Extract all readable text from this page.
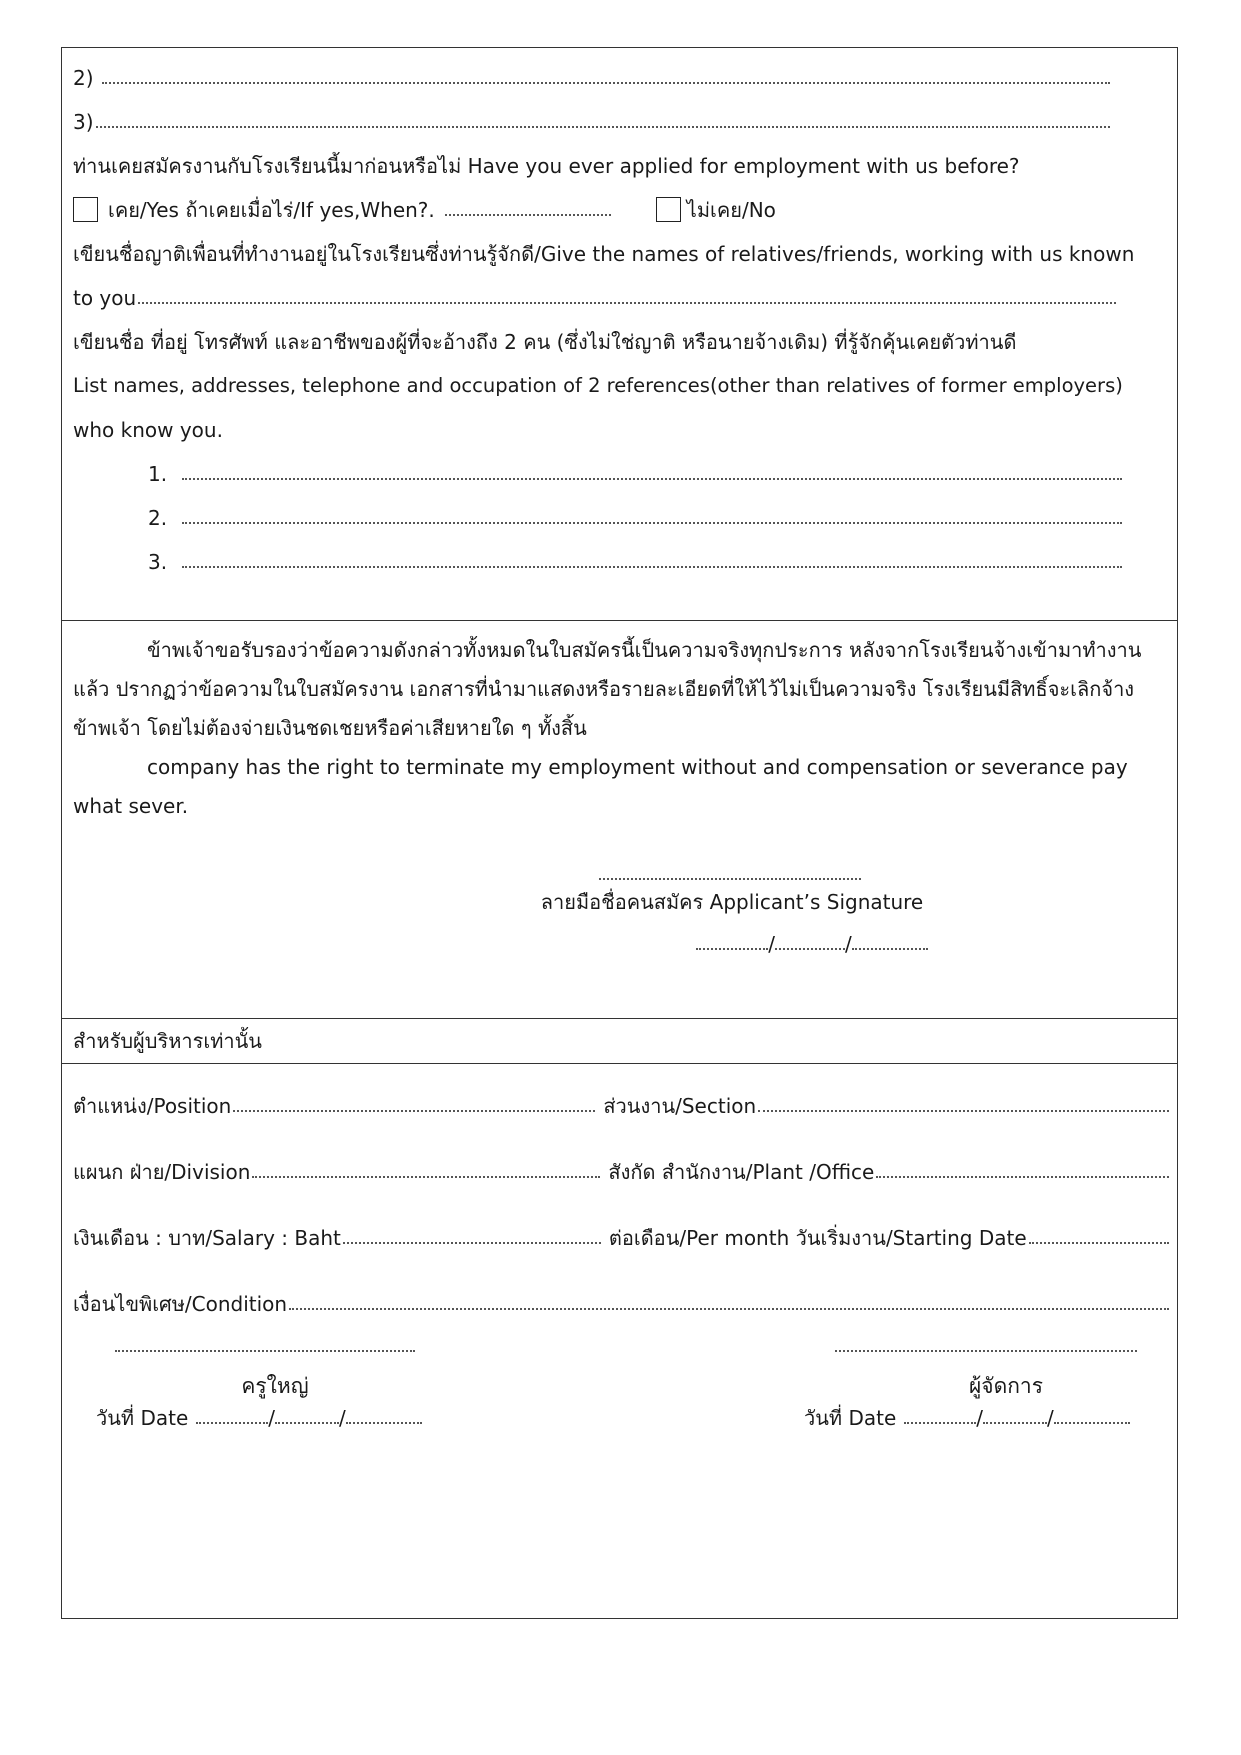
2)
3)
ท่านเคยสมัครงานกับโรงเรียนนี้มาก่อนหรือไม่ Have you ever applied for employment with us before?
เคย/Yes ถ้าเคยเมื่อไร่/If yes,When?.	ไม่เคย/No
เขียนชื่อญาติเพื่อนที่ทำงานอยู่ในโรงเรียนซึ่งท่านรู้จักดี/Give the names of relatives/friends, working with us known
to you
เขียนชื่อ ที่อยู่ โทรศัพท์ และอาชีพของผู้ที่จะอ้างถึง 2 คน (ซึ่งไม่ใช่ญาติ หรือนายจ้างเดิม) ที่รู้จักคุ้นเคยตัวท่านดี
List names, addresses, telephone and occupation of 2 references(other than relatives of former employers)
who know you.
1.
2.
3.
ข้าพเจ้าขอรับรองว่าข้อความดังกล่าวทั้งหมดในใบสมัครนี้เป็นความจริงทุกประการ หลังจากโรงเรียนจ้างเข้ามาทำงาน
แล้ว ปรากฏว่าข้อความในใบสมัครงาน เอกสารที่นำมาแสดงหรือรายละเอียดที่ให้ไว้ไม่เป็นความจริง โรงเรียนมีสิทธิ์จะเลิกจ้าง
ข้าพเจ้า โดยไม่ต้องจ่ายเงินชดเชยหรือค่าเสียหายใด ๆ ทั้งสิ้น
company has the right to terminate my employment without and compensation or severance pay
what sever.
ลายมือชื่อคนสมัคร Applicant’s Signature
/	/
สำหรับผู้บริหารเท่านั้น
ตำแหน่ง/Position	ส่วนงาน/Section
แผนก ฝ่าย/Division	สังกัด สำนักงาน/Plant /Office
เงินเดือน : บาท/Salary : Baht	ต่อเดือน/Per month วันเริ่มงาน/Starting Date
เงื่อนไขพิเศษ/Condition
ครูใหญ่
วันที่ Date	/	/
ผู้จัดการ
วันที่ Date	/	/
